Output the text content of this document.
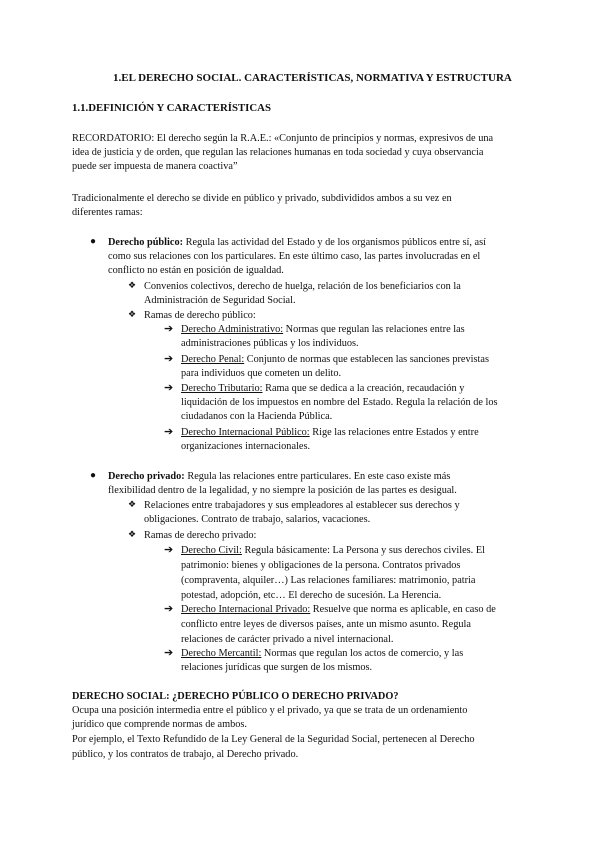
1.EL DERECHO SOCIAL. CARACTERÍSTICAS, NORMATIVA Y ESTRUCTURA
1.1.DEFINICIÓN Y CARACTERÍSTICAS
RECORDATORIO: El derecho según la R.A.E.: «Conjunto de principios y normas, expresivos de una
idea de justicia y de orden, que regulan las relaciones humanas en toda sociedad y cuya observancia
puede ser impuesta de manera coactiva”
Tradicionalmente el derecho se divide en público y privado, subdivididos ambos a su vez en
diferentes ramas:
● Derecho público: Regula las actividad del Estado y de los organismos públicos entre sí, así
como sus relaciones con los particulares. En este último caso, las partes involucradas en el
conflicto no están en posición de igualdad.
❖ Convenios colectivos, derecho de huelga, relación de los beneficiarios con la
Administración de Seguridad Social.
❖ Ramas de derecho público:
➔ Derecho Administrativo: Normas que regulan las relaciones entre las
administraciones públicas y los individuos.
➔ Derecho Penal: Conjunto de normas que establecen las sanciones previstas
para individuos que cometen un delito.
➔ Derecho Tributario: Rama que se dedica a la creación, recaudación y
liquidación de los impuestos en nombre del Estado. Regula la relación de los
ciudadanos con la Hacienda Pública.
➔ Derecho Internacional Público: Rige las relaciones entre Estados y entre
organizaciones internacionales.
● Derecho privado: Regula las relaciones entre particulares. En este caso existe más
flexibilidad dentro de la legalidad, y no siempre la posición de las partes es desigual.
❖ Relaciones entre trabajadores y sus empleadores al establecer sus derechos y
obligaciones. Contrato de trabajo, salarios, vacaciones.
❖ Ramas de derecho privado:
➔ Derecho Civil: Regula básicamente: La Persona y sus derechos civiles. El
patrimonio: bienes y obligaciones de la persona. Contratos privados
(compraventa, alquiler…) Las relaciones familiares: matrimonio, patria
potestad, adopción, etc… El derecho de sucesión. La Herencia.
➔ Derecho Internacional Privado: Resuelve que norma es aplicable, en caso de
conflicto entre leyes de diversos países, ante un mismo asunto. Regula
relaciones de carácter privado a nivel internacional.
➔ Derecho Mercantil: Normas que regulan los actos de comercio, y las
relaciones jurídicas que surgen de los mismos.
DERECHO SOCIAL: ¿DERECHO PÚBLICO O DERECHO PRIVADO?
Ocupa una posición intermedia entre el público y el privado, ya que se trata de un ordenamiento
jurídico que comprende normas de ambos.
Por ejemplo, el Texto Refundido de la Ley General de la Seguridad Social, pertenecen al Derecho
público, y los contratos de trabajo, al Derecho privado.
